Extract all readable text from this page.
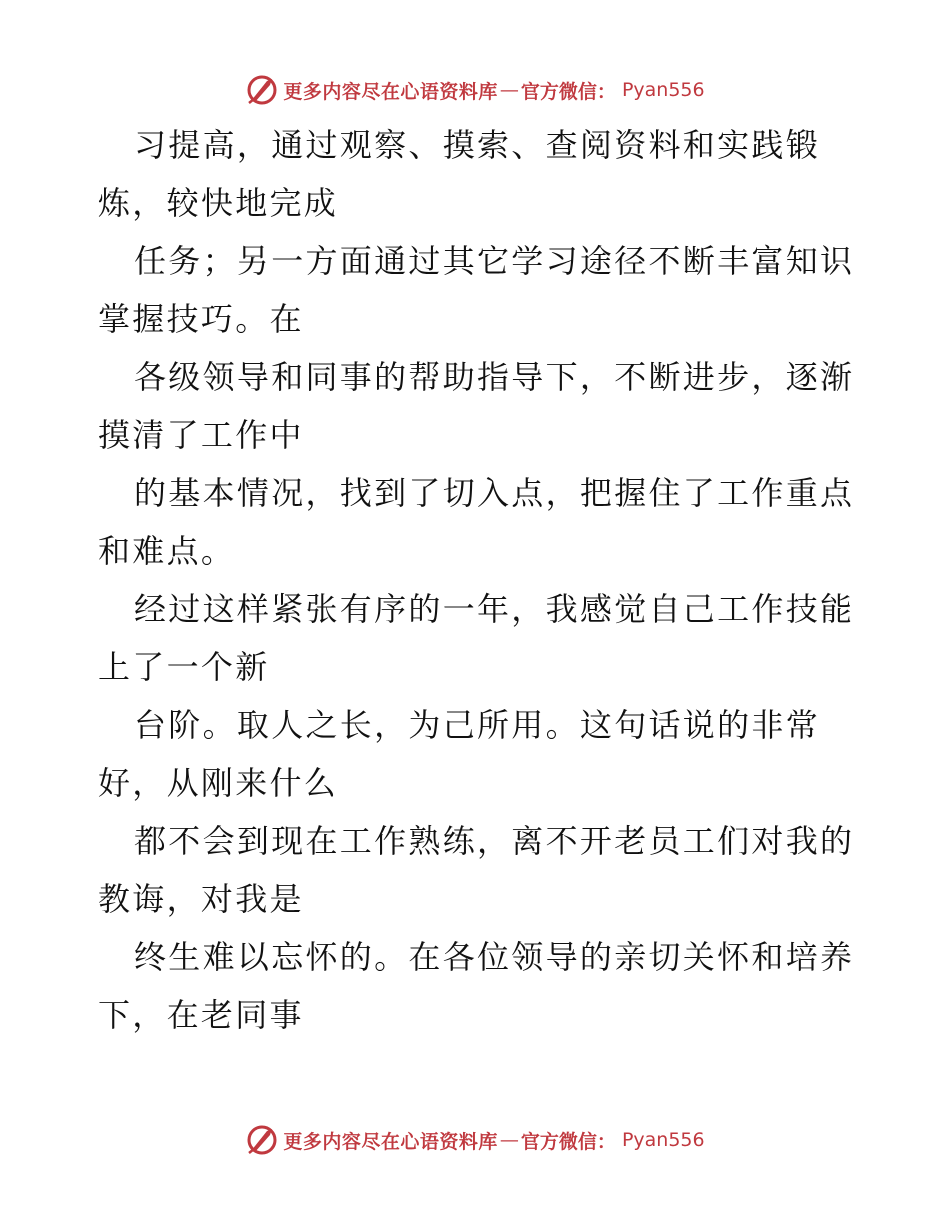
更多内容尽在心语资料库 — 官方微信： Pyan556
习提高，通过观察、摸索、查阅资料和实践锻
炼，较快地完成
任务；另一方面通过其它学习途径不断丰富知识
掌握技巧。在
各级领导和同事的帮助指导下，不断进步，逐渐
摸清了工作中
的基本情况，找到了切入点，把握住了工作重点
和难点。
经过这样紧张有序的一年，我感觉自己工作技能
上了一个新
台阶。取人之长，为己所用。这句话说的非常
好，从刚来什么
都不会到现在工作熟练，离不开老员工们对我的
教诲，对我是
终生难以忘怀的。在各位领导的亲切关怀和培养
下，在老同事
更多内容尽在心语资料库 — 官方微信： Pyan556
